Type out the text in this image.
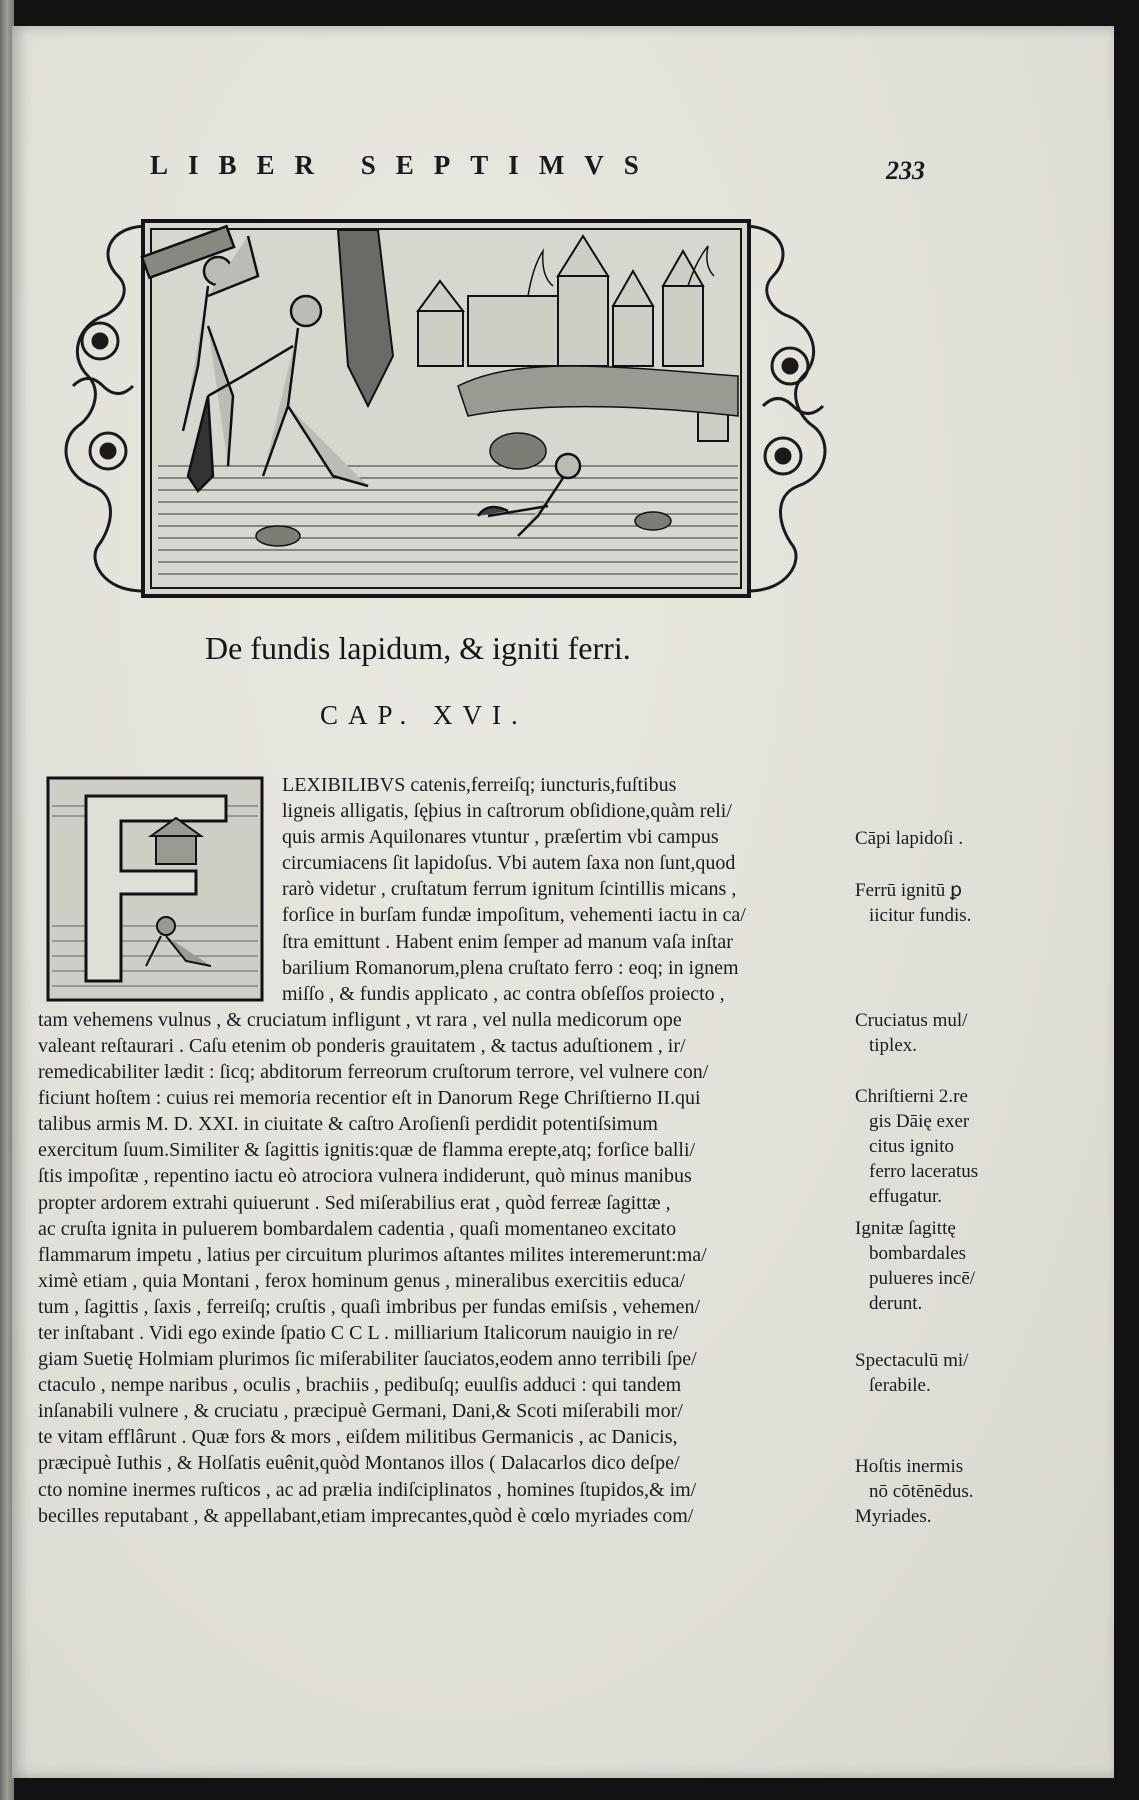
LIBER SEPTIMVS	233
De fundis lapidum, & igniti ferri.
CAP. XVI.
LEXIBILIBVS catenis,ferreiſq; iuncturis,fuſtibus
ligneis alligatis, ſęþius in caſtrorum obſidione,quàm reli/
quis armis Aquilonares vtuntur , præſertim vbi campus
circumiacens ſit lapidoſus. Vbi autem ſaxa non ſunt,quod
rarò videtur , cruſtatum ferrum ignitum ſcintillis micans ,
forſice in burſam fundæ impoſitum, vehementi iactu in ca/
ſtra emittunt . Habent enim ſemper ad manum vaſa inſtar
barilium Romanorum,plena cruſtato ferro : eoq; in ignem
miſſo , & fundis applicato , ac contra obſeſſos proiecto ,
tam vehemens vulnus , & cruciatum infligunt , vt rara , vel nulla medicorum ope
valeant reſtaurari . Caſu etenim ob ponderis grauitatem , & tactus aduſtionem , ir/
remedicabiliter lædit : ſicq; abditorum ferreorum cruſtorum terrore, vel vulnere con/
ficiunt hoſtem : cuius rei memoria recentior eſt in Danorum Rege Chriſtierno II.qui
talibus armis M. D. XXI. in ciuitate & caſtro Aroſienſi perdidit potentiſsimum
exercitum ſuum.Similiter & ſagittis ignitis:quæ de flamma erepte,atq; forſice balli/
ſtis impoſitæ , repentino iactu eò atrociora vulnera indiderunt, quò minus manibus
propter ardorem extrahi quiuerunt . Sed miſerabilius erat , quòd ferreæ ſagittæ ,
ac cruſta ignita in puluerem bombardalem cadentia , quaſi momentaneo excitato
flammarum impetu , latius per circuitum plurimos aſtantes milites interemerunt:ma/
ximè etiam , quia Montani , ferox hominum genus , mineralibus exercitiis educa/
tum , ſagittis , ſaxis , ferreiſq; cruſtis , quaſi imbribus per fundas emiſsis , vehemen/
ter inſtabant . Vidi ego exinde ſpatio C C L . milliarium Italicorum nauigio in re/
giam Suetię Holmiam plurimos ſic miſerabiliter ſauciatos,eodem anno terribili ſpe/
ctaculo , nempe naribus , oculis , brachiis , pedibuſq; euulſis adduci : qui tandem
inſanabili vulnere , & cruciatu , præcipuè Germani, Dani,& Scoti miſerabili mor/
te vitam efflârunt . Quæ fors & mors , eiſdem militibus Germanicis , ac Danicis,
præcipuè Iuthis , & Holſatis euênit,quòd Montanos illos ( Dalacarlos dico deſpe/
cto nomine inermes ruſticos , ac ad prælia indiſciplinatos , homines ſtupidos,& im/
becilles reputabant , & appellabant,etiam imprecantes,quòd è cœlo myriades com/
Cāpi lapidoſi .
Ferrū ignitū ꝑ
iicitur fundis.
Cruciatus mul/
tiplex.
Chriſtierni 2.re
gis Dāię exer
citus ignito
ferro laceratus
effugatur.
Ignitæ ſagittę
bombardales
pulueres incē/
derunt.
Spectaculū mi/
ſerabile.
Hoſtis inermis
nō cōtēnēdus.
Myriades.
